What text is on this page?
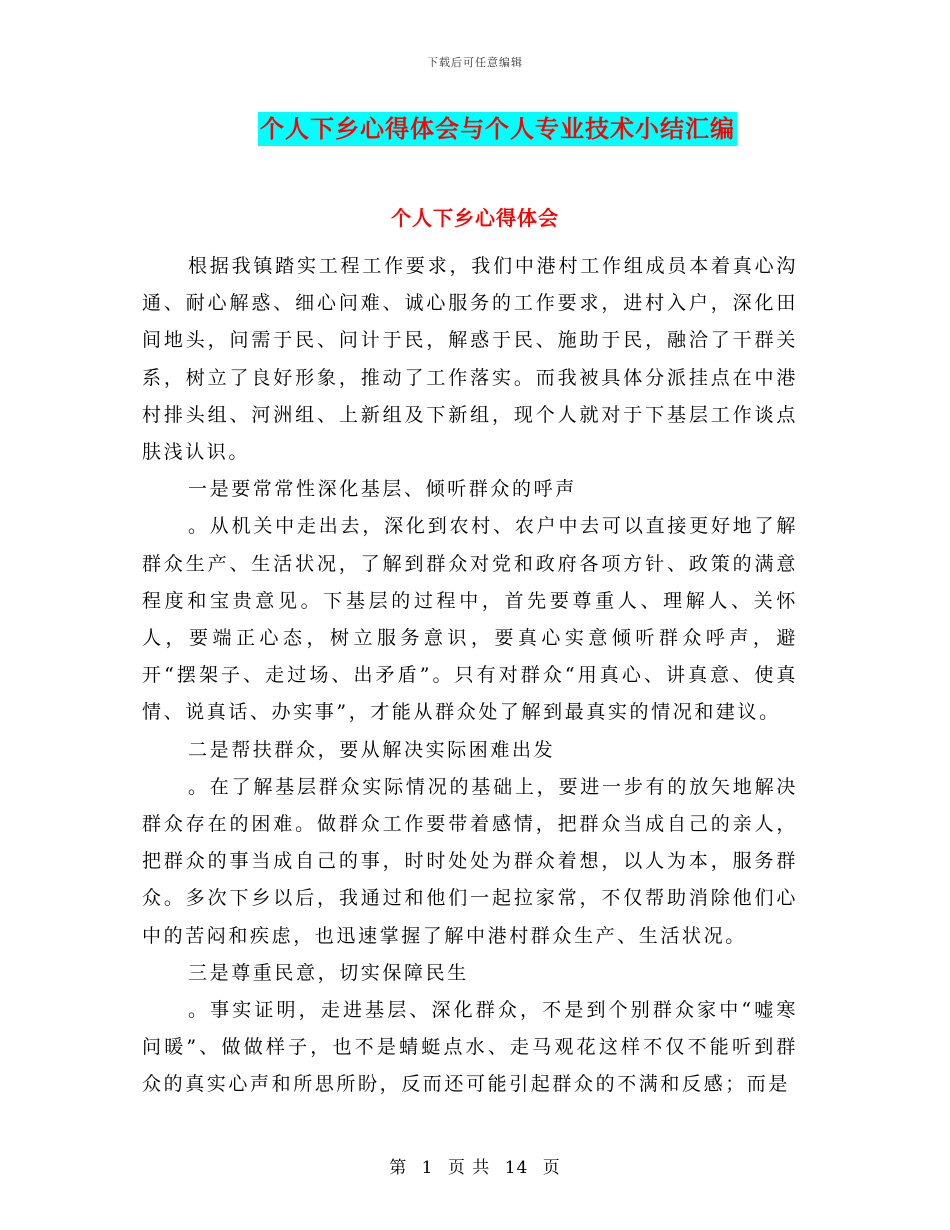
下载后可任意编辑
个人下乡心得体会与个人专业技术小结汇编
个人下乡心得体会

根据我镇踏实工程工作要求，我们中港村工作组成员本着真心沟通、耐心解惑、细心问难、诚心服务的工作要求，进村入户，深化田间地头，问需于民、问计于民，解惑于民、施助于民，融洽了干群关系，树立了良好形象，推动了工作落实。而我被具体分派挂点在中港村排头组、河洲组、上新组及下新组，现个人就对于下基层工作谈点肤浅认识。

一是要常常性深化基层、倾听群众的呼声

。从机关中走出去，深化到农村、农户中去可以直接更好地了解群众生产、生活状况，了解到群众对党和政府各项方针、政策的满意程度和宝贵意见。下基层的过程中，首先要尊重人、理解人、关怀人，要端正心态，树立服务意识，要真心实意倾听群众呼声，避开“摆架子、走过场、出矛盾”。只有对群众“用真心、讲真意、使真情、说真话、办实事”，才能从群众处了解到最真实的情况和建议。

二是帮扶群众，要从解决实际困难出发

。在了解基层群众实际情况的基础上，要进一步有的放矢地解决群众存在的困难。做群众工作要带着感情，把群众当成自己的亲人，把群众的事当成自己的事，时时处处为群众着想，以人为本，服务群众。多次下乡以后，我通过和他们一起拉家常，不仅帮助消除他们心中的苦闷和疾虑，也迅速掌握了解中港村群众生产、生活状况。

三是尊重民意，切实保障民生

。事实证明，走进基层、深化群众，不是到个别群众家中“嘘寒问暖”、做做样子，也不是蜻蜓点水、走马观花这样不仅不能听到群众的真实心声和所思所盼，反而还可能引起群众的不满和反感；而是

第 1 页 共 14 页
